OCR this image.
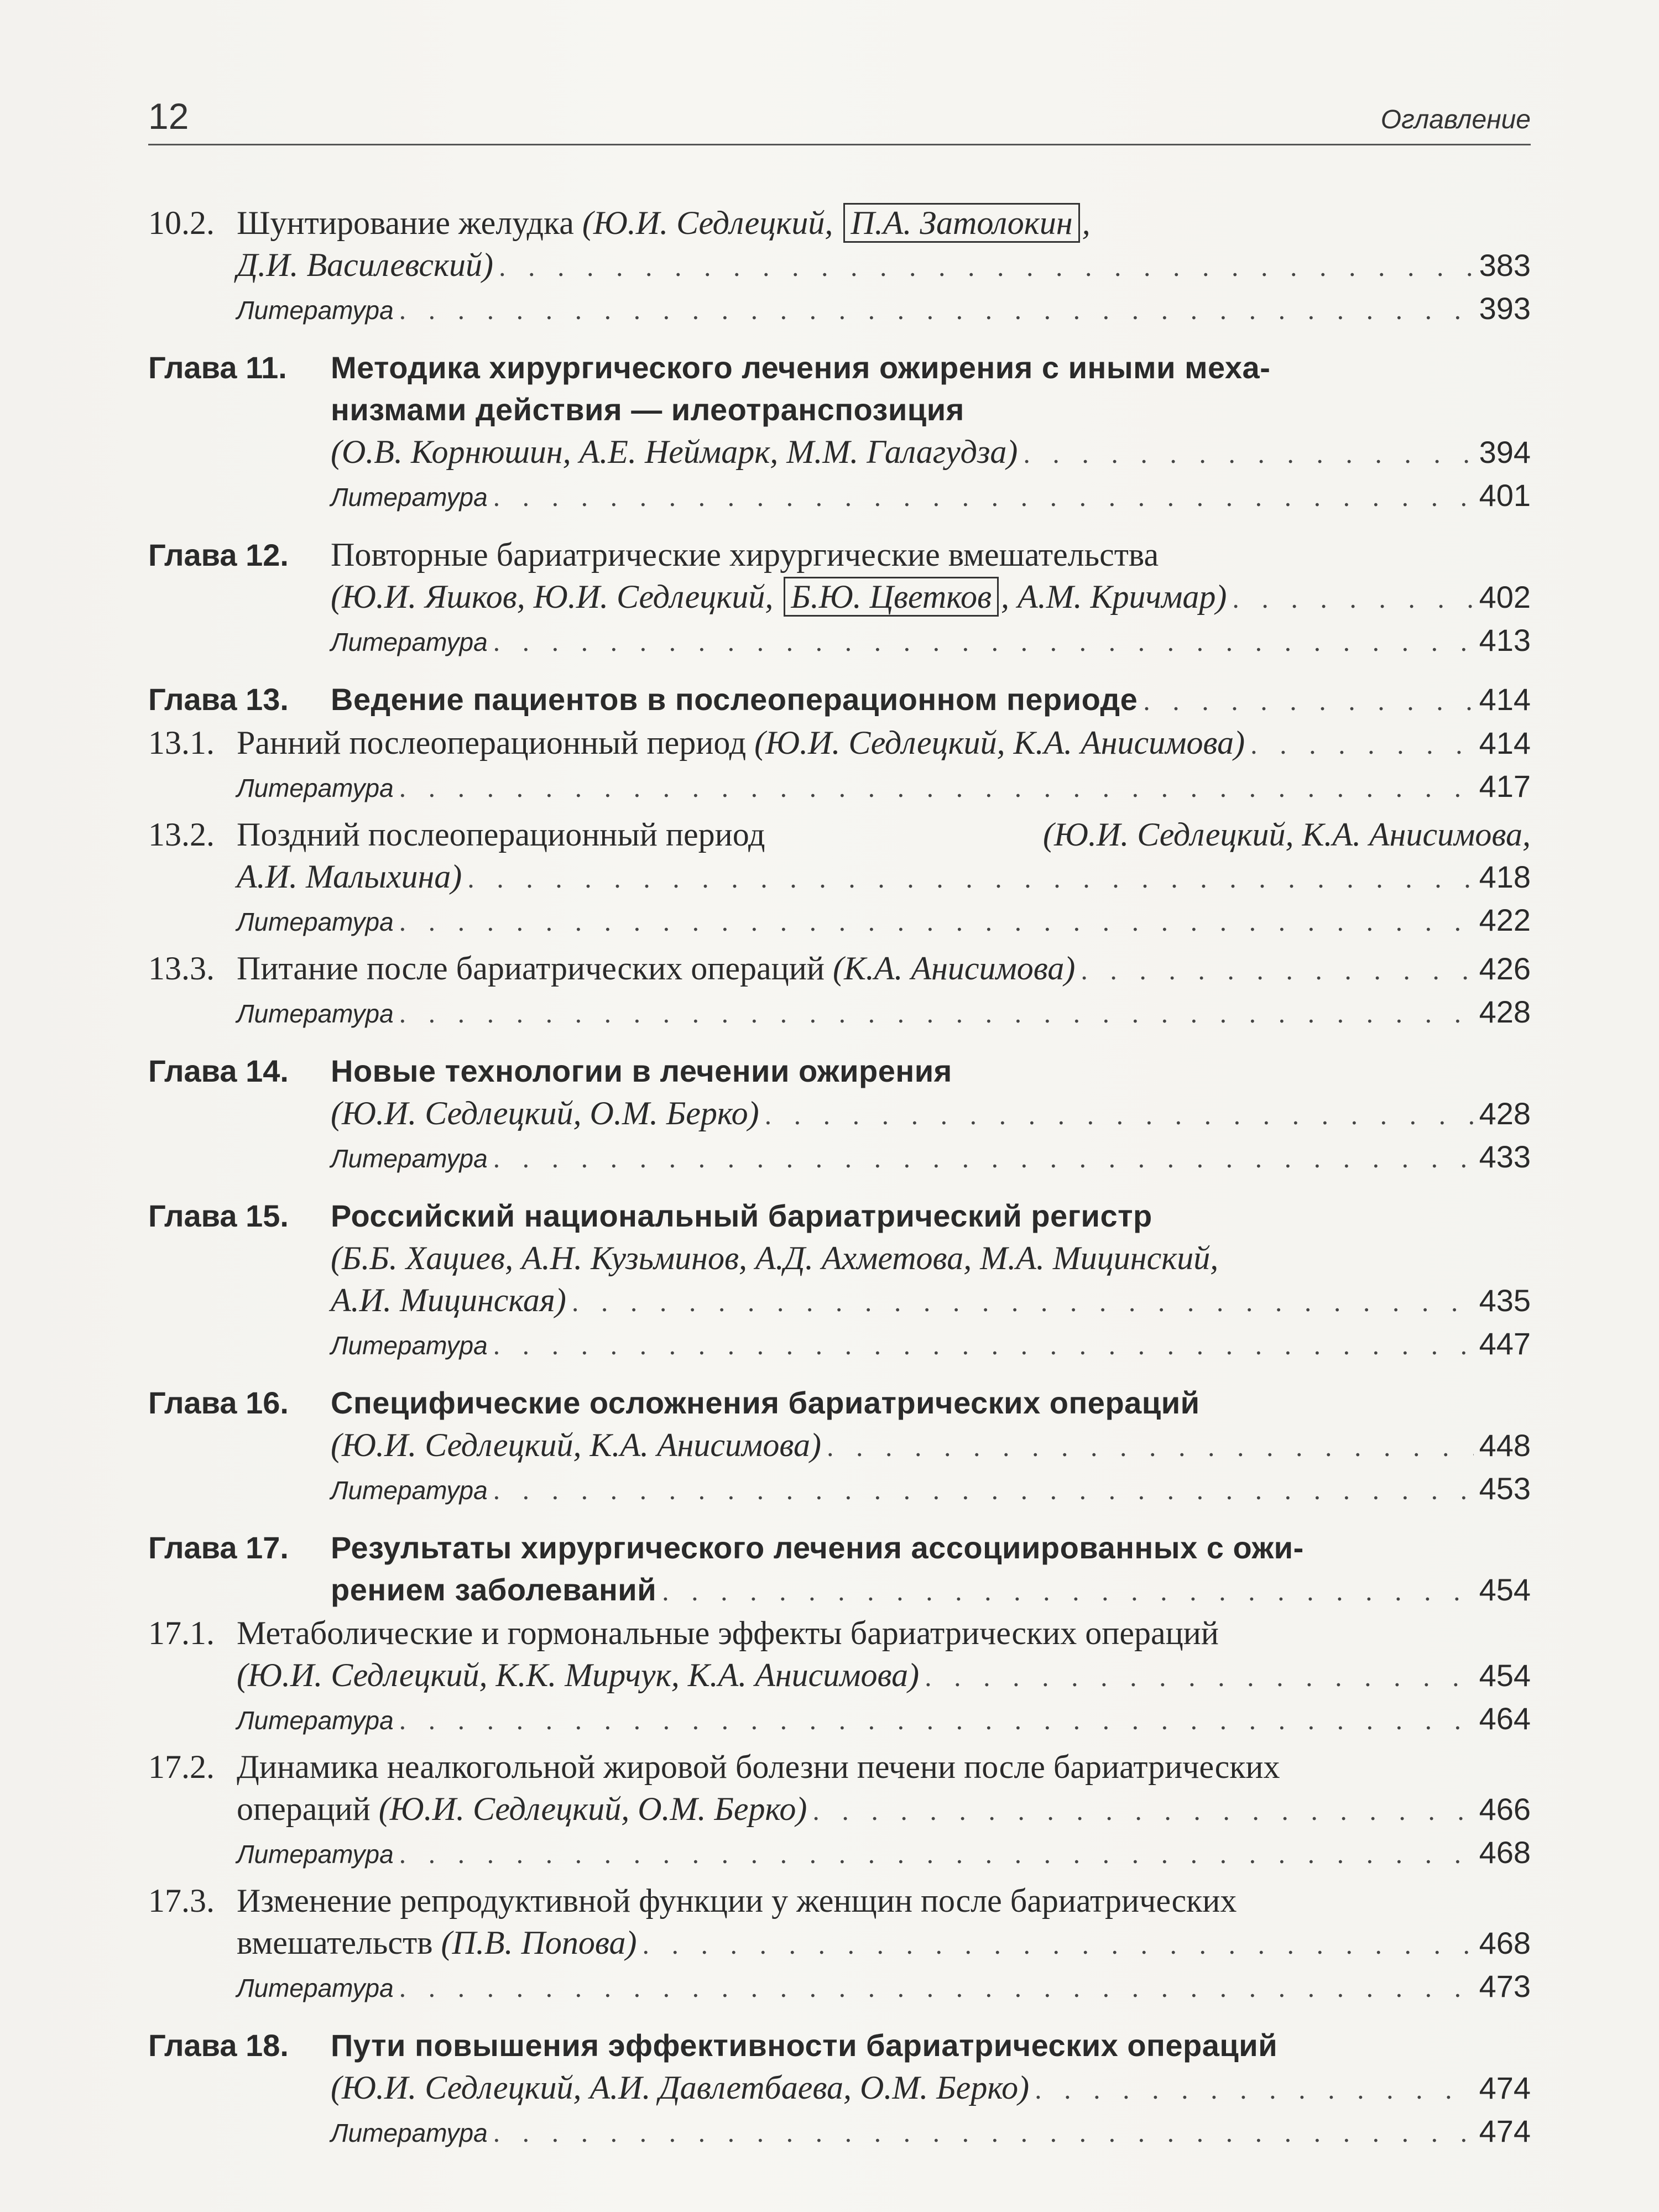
12	Оглавление
10.2. Шунтирование желудка (Ю.И. Седлецкий, П.А. Затолокин ,
Д.И. Василевский) . . .	383
Литература . . .	393
Глава 11.	Методика хирургического лечения ожирения с иными меха-
низмами действия — илеотранспозиция
(О.В. Корнюшин, А.Е. Неймарк, М.М. Галагудза) . . .	394
Литература . . .	401
Глава 12.	Повторные бариатрические хирургические вмешательства
(Ю.И. Яшков, Ю.И. Седлецкий, Б.Ю. Цветков , А.М. Кричмар) . . .	402
Литература . . .	413
Глава 13.	Ведение пациентов в послеоперационном периоде . . .	414
13.1. Ранний послеоперационный период (Ю.И. Седлецкий, К.А. Анисимова) . . .	414
Литература . . .	417
13.2. Поздний послеоперационный период	(Ю.И. Седлецкий, К.А. Анисимова,
А.И. Малыхина) . . .	418
Литература . . .	422
13.3. Питание после бариатрических операций (К.А. Анисимова) . . .	426
Литература . . .	428
Глава 14.	Новые технологии в лечении ожирения
(Ю.И. Седлецкий, О.М. Берко) . . .	428
Литература . . .	433
Глава 15.	Российский национальный бариатрический регистр
(Б.Б. Хациев, А.Н. Кузьминов, А.Д. Ахметова, М.А. Мицинский,
А.И. Мицинская) . . .	435
Литература . . .	447
Глава 16.	Специфические осложнения бариатрических операций
(Ю.И. Седлецкий, К.А. Анисимова) . . .	448
Литература . . .	453
Глава 17.	Результаты хирургического лечения ассоциированных с ожи-
рением заболеваний . . .	454
17.1. Метаболические и гормональные эффекты бариатрических операций
(Ю.И. Седлецкий, К.К. Мирчук, К.А. Анисимова) . . .	454
Литература . . .	464
17.2. Динамика неалкогольной жировой болезни печени после бариатрических
операций (Ю.И. Седлецкий, О.М. Берко) . . .	466
Литература . . .	468
17.3. Изменение репродуктивной функции у женщин после бариатрических
вмешательств (П.В. Попова) . . .	468
Литература . . .	473
Глава 18.	Пути повышения эффективности бариатрических операций
(Ю.И. Седлецкий, А.И. Давлетбаева, О.М. Берко) . . .	474
Литература . . .	474
